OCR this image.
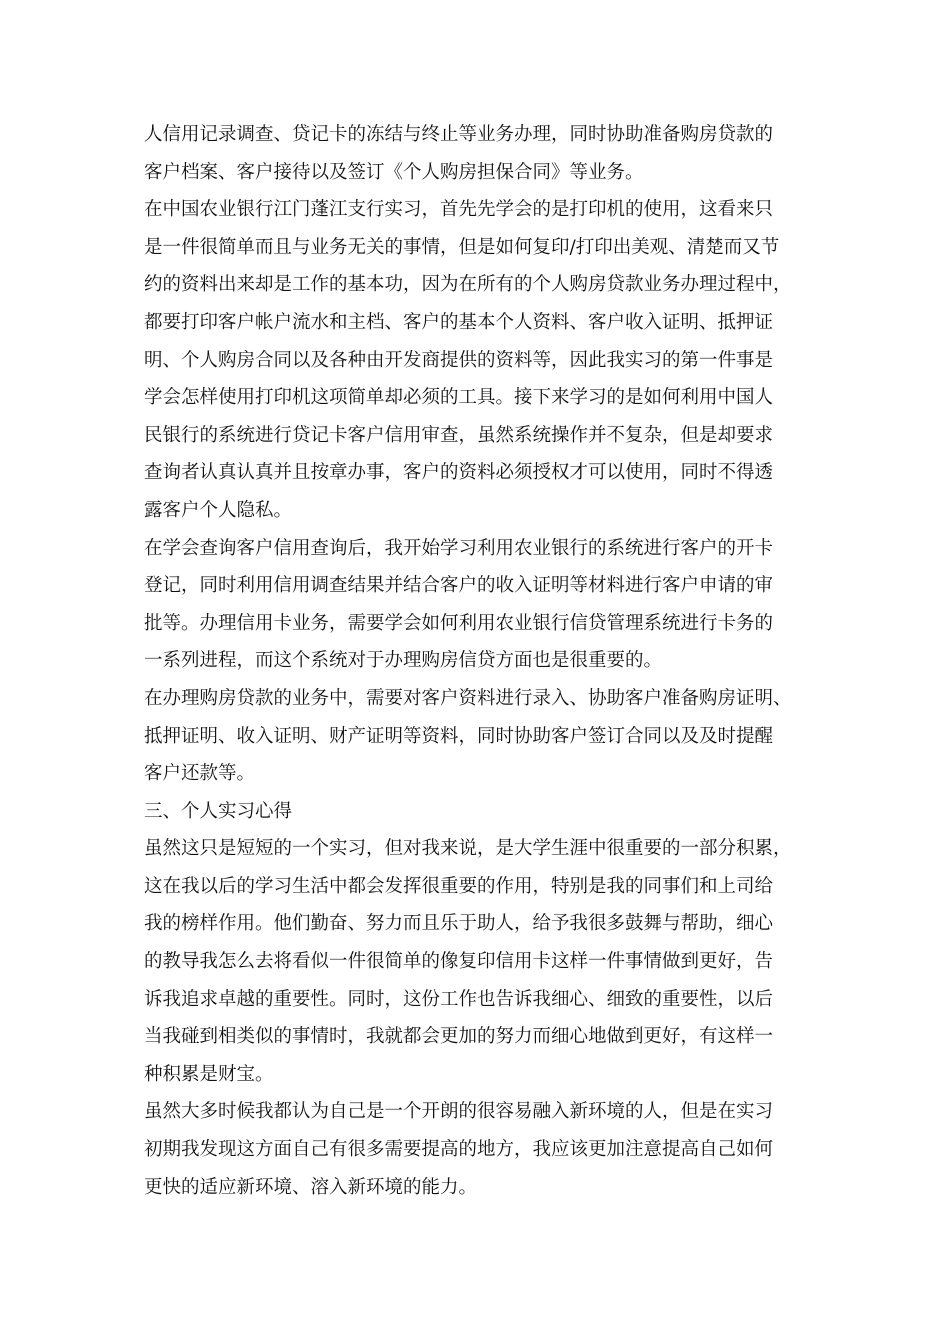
人信用记录调查、贷记卡的冻结与终止等业务办理，同时协助准备购房贷款的
客户档案、客户接待以及签订《个人购房担保合同》等业务。
在中国农业银行江门蓬江支行实习，首先先学会的是打印机的使用，这看来只
是一件很简单而且与业务无关的事情，但是如何复印/打印出美观、清楚而又节
约的资料出来却是工作的基本功，因为在所有的个人购房贷款业务办理过程中，
都要打印客户帐户流水和主档、客户的基本个人资料、客户收入证明、抵押证
明、个人购房合同以及各种由开发商提供的资料等，因此我实习的第一件事是
学会怎样使用打印机这项简单却必须的工具。接下来学习的是如何利用中国人
民银行的系统进行贷记卡客户信用审查，虽然系统操作并不复杂，但是却要求
查询者认真认真并且按章办事，客户的资料必须授权才可以使用，同时不得透
露客户个人隐私。
在学会查询客户信用查询后，我开始学习利用农业银行的系统进行客户的开卡
登记，同时利用信用调查结果并结合客户的收入证明等材料进行客户申请的审
批等。办理信用卡业务，需要学会如何利用农业银行信贷管理系统进行卡务的
一系列进程，而这个系统对于办理购房信贷方面也是很重要的。
在办理购房贷款的业务中，需要对客户资料进行录入、协助客户准备购房证明、
抵押证明、收入证明、财产证明等资料，同时协助客户签订合同以及及时提醒
客户还款等。
三、个人实习心得
虽然这只是短短的一个实习，但对我来说，是大学生涯中很重要的一部分积累，
这在我以后的学习生活中都会发挥很重要的作用，特别是我的同事们和上司给
我的榜样作用。他们勤奋、努力而且乐于助人，给予我很多鼓舞与帮助，细心
的教导我怎么去将看似一件很简单的像复印信用卡这样一件事情做到更好，告
诉我追求卓越的重要性。同时，这份工作也告诉我细心、细致的重要性，以后
当我碰到相类似的事情时，我就都会更加的努力而细心地做到更好，有这样一
种积累是财宝。
虽然大多时候我都认为自己是一个开朗的很容易融入新环境的人，但是在实习
初期我发现这方面自己有很多需要提高的地方，我应该更加注意提高自己如何
更快的适应新环境、溶入新环境的能力。
